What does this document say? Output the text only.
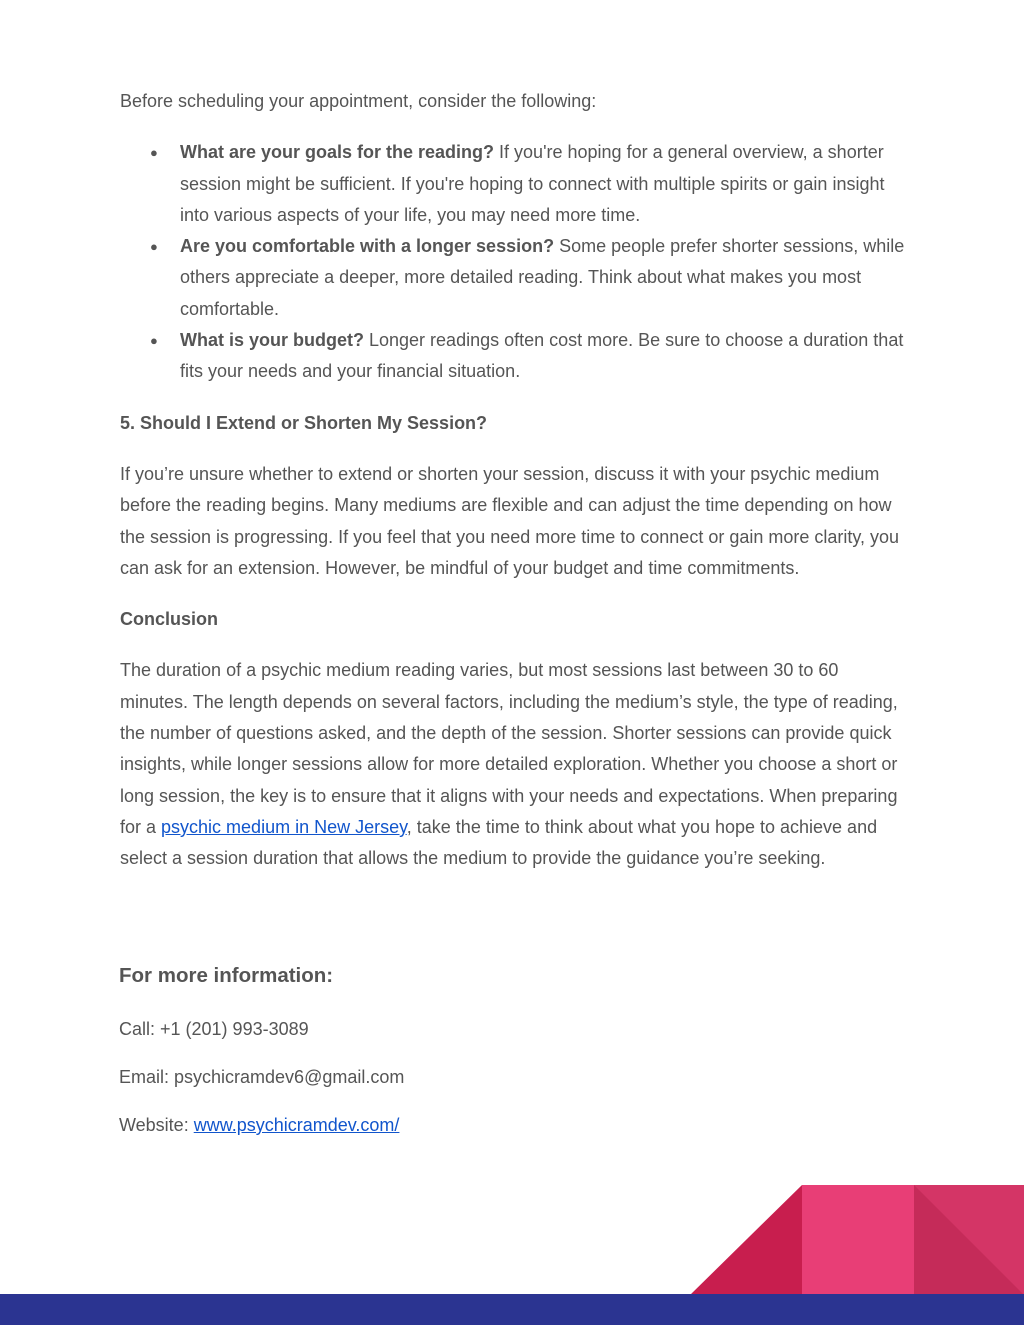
Before scheduling your appointment, consider the following:

● What are your goals for the reading? If you're hoping for a general overview, a shorter session might be sufficient. If you're hoping to connect with multiple spirits or gain insight into various aspects of your life, you may need more time.
● Are you comfortable with a longer session? Some people prefer shorter sessions, while others appreciate a deeper, more detailed reading. Think about what makes you most comfortable.
● What is your budget? Longer readings often cost more. Be sure to choose a duration that fits your needs and your financial situation.

5. Should I Extend or Shorten My Session?

If you’re unsure whether to extend or shorten your session, discuss it with your psychic medium before the reading begins. Many mediums are flexible and can adjust the time depending on how the session is progressing. If you feel that you need more time to connect or gain more clarity, you can ask for an extension. However, be mindful of your budget and time commitments.

Conclusion

The duration of a psychic medium reading varies, but most sessions last between 30 to 60 minutes. The length depends on several factors, including the medium’s style, the type of reading, the number of questions asked, and the depth of the session. Shorter sessions can provide quick insights, while longer sessions allow for more detailed exploration. Whether you choose a short or long session, the key is to ensure that it aligns with your needs and expectations. When preparing for a psychic medium in New Jersey, take the time to think about what you hope to achieve and select a session duration that allows the medium to provide the guidance you’re seeking.

For more information:

Call: +1 (201) 993-3089

Email: psychicramdev6@gmail.com

Website: www.psychicramdev.com/
